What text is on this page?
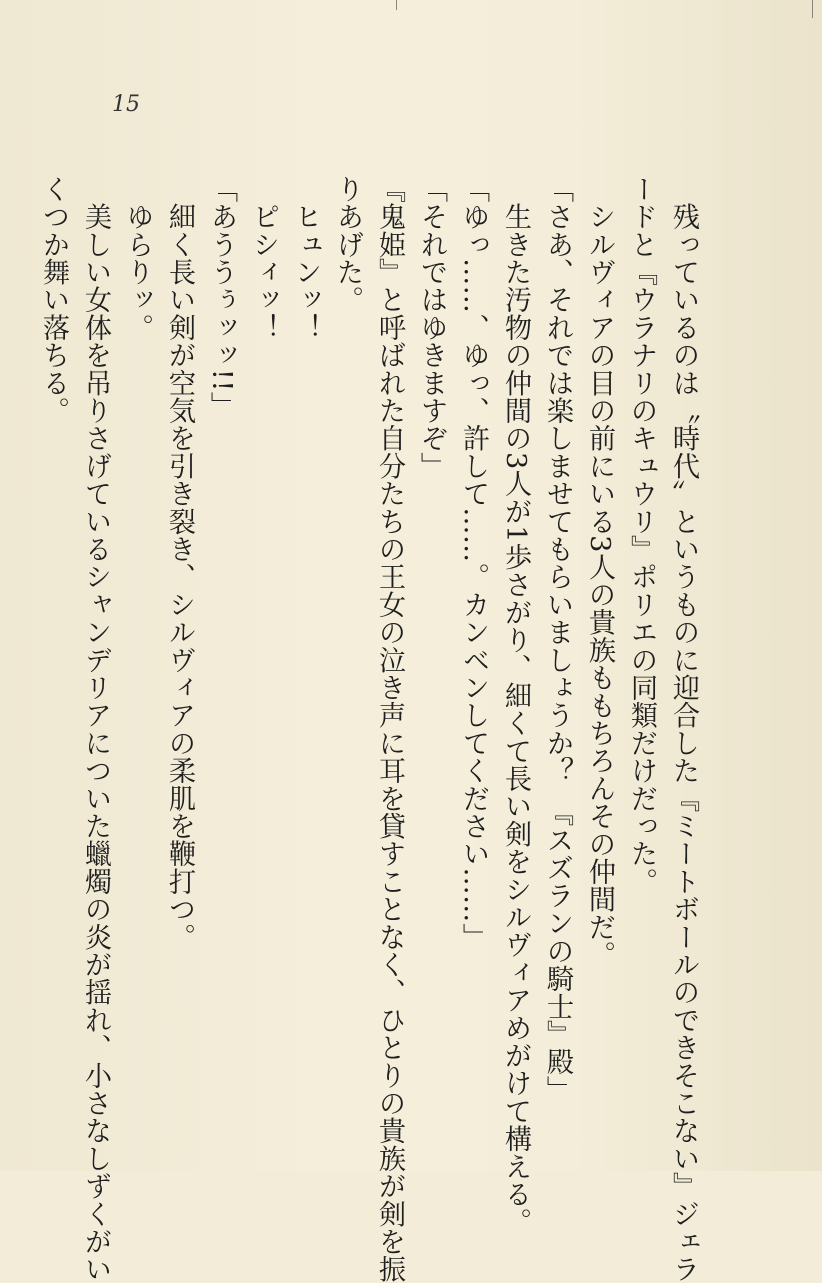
15
　残っているのは〝時代〟というものに迎合した『ミートボールのできそこない』ジェラ
ードと『ウラナリのキュウリ』ポリエの同類だけだった。
　シルヴィアの目の前にいる3人の貴族ももちろんその仲間だ。
「さあ、それでは楽しませてもらいましょうか？　『スズランの騎士』殿」
　生きた汚物の仲間の3人が1歩さがり、細くて長い剣をシルヴィアめがけて構える。
「ゆっ……、ゆっ、許して……。カンベンしてください……」
「それではゆきますぞ」
『鬼姫』と呼ばれた自分たちの王女の泣き声に耳を貸すことなく、ひとりの貴族が剣を振
りあげた。
　ヒュンッ！
　ピシィッ！
「あううぅッッ!!」
　細く長い剣が空気を引き裂き、シルヴィアの柔肌を鞭打つ。
　ゆらりッ。
　美しい女体を吊りさげているシャンデリアについた蠟燭の炎が揺れ、小さなしずくがい
くつか舞い落ちる。
